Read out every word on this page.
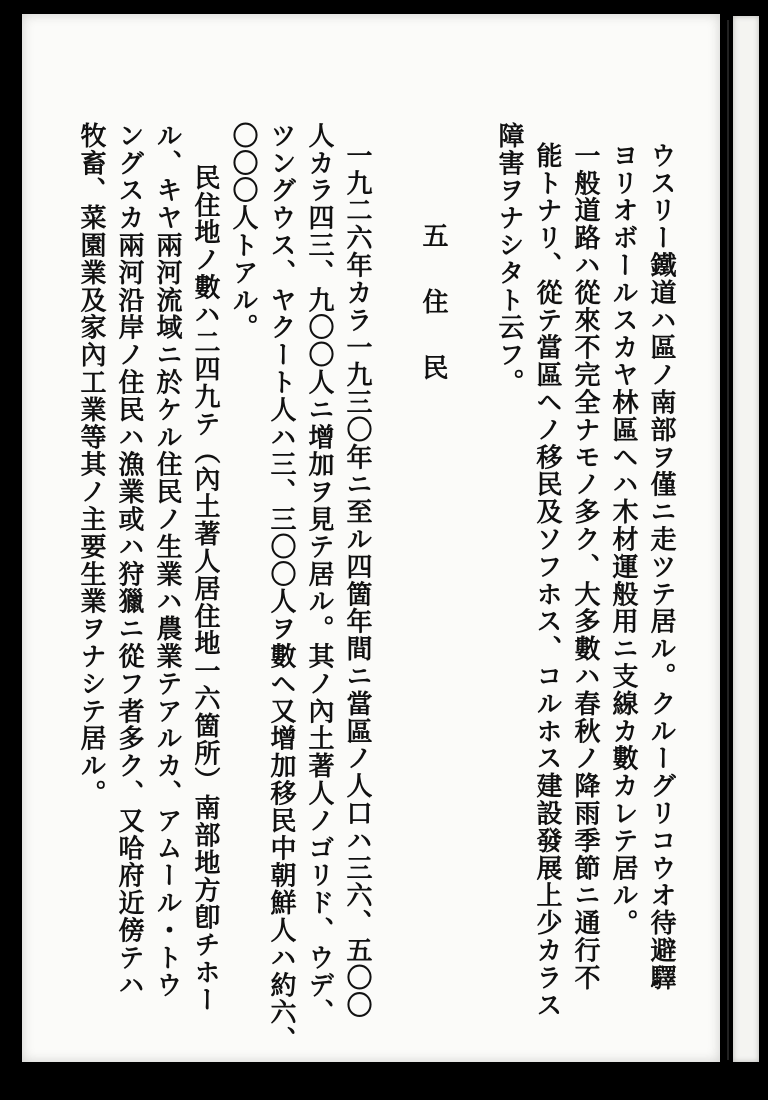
ウスリー鐵道ハ區ノ南部ヲ僅ニ走ツテ居ル。クルーグリコウオ待避驛
ヨリオボールスカヤ林區ヘハ木材運般用ニ支線カ數カレテ居ル。
一般道路ハ從來不完全ナモノ多ク、大多數ハ春秋ノ降雨季節ニ通行不
能トナリ、從テ當區ヘノ移民及ソフホス、コルホス建設發展上少カラス
障害ヲナシタト云フ。
五住民
一九二六年カラ一九三〇年ニ至ル四箇年間ニ當區ノ人口ハ三六、五〇〇
人カラ四三、九〇〇人ニ增加ヲ見テ居ル。其ノ內土著人ノゴリド、ウデ、
ツングウス、ヤクート人ハ三、三〇〇人ヲ數ヘ又增加移民中朝鮮人ハ約六、
〇〇〇人トアル。
民住地ノ數ハ二四九テ（內土著人居住地一六箇所）南部地方卽チホー
ル、キヤ兩河流域ニ於ケル住民ノ生業ハ農業テアルカ、アムール・トウ
ングスカ兩河沿岸ノ住民ハ漁業或ハ狩獵ニ從フ者多ク、又哈府近傍テハ
牧畜、菜園業及家內工業等其ノ主要生業ヲナシテ居ル。
